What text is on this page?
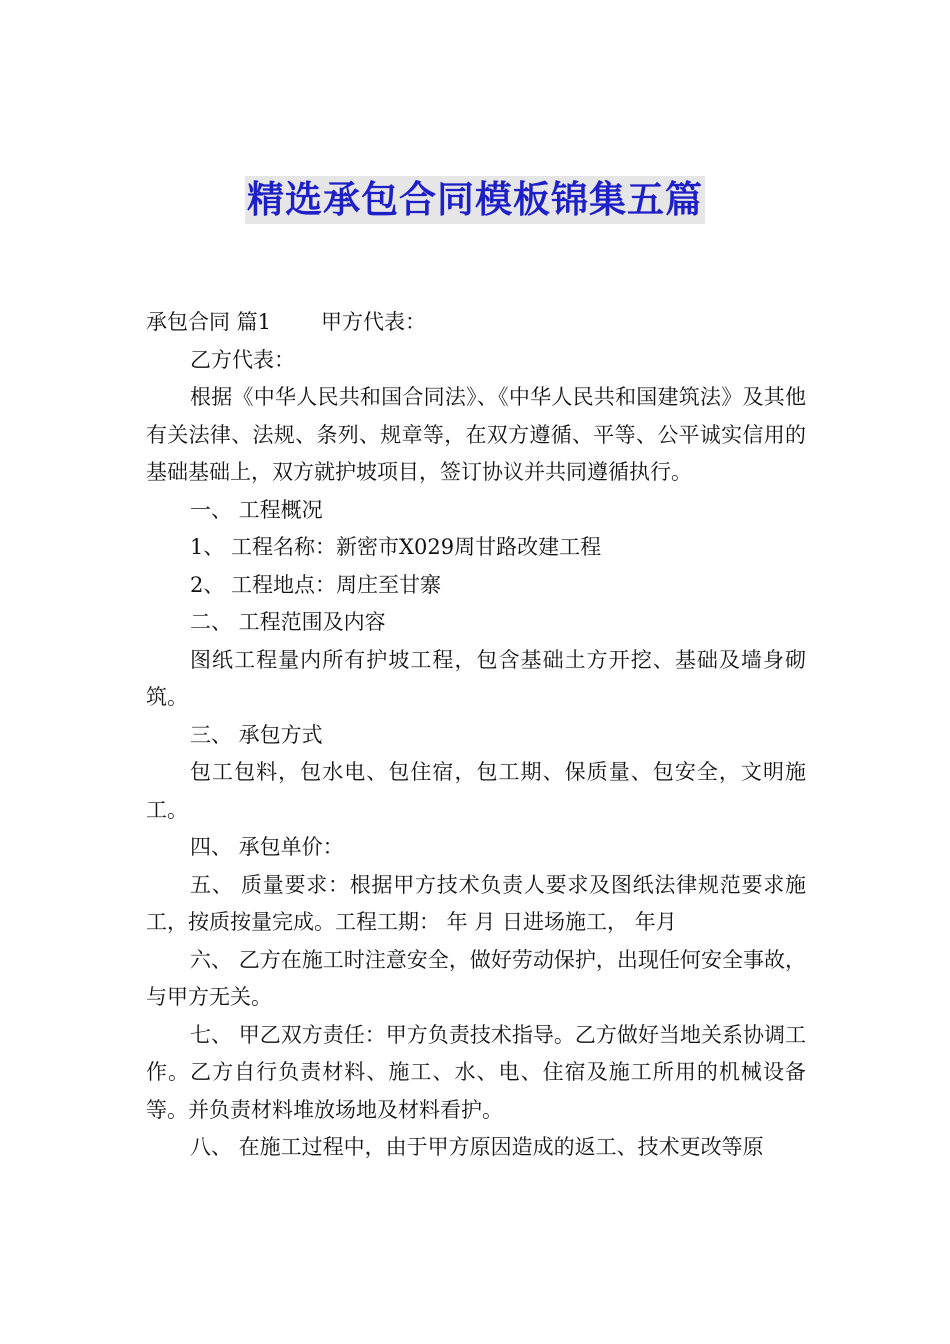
精选承包合同模板锦集五篇

承包合同 篇1 甲方代表：

乙方代表：

根据《中华人民共和国合同法》、《中华人民共和国建筑法》及其他有关法律、法规、条列、规章等，在双方遵循、平等、公平诚实信用的基础基础上，双方就护坡项目，签订协议并共同遵循执行。

一、 工程概况

1、 工程名称：新密市X029周甘路改建工程

2、 工程地点：周庄至甘寨

二、 工程范围及内容

图纸工程量内所有护坡工程，包含基础土方开挖、基础及墙身砌筑。

三、 承包方式

包工包料，包水电、包住宿，包工期、保质量、包安全，文明施工。

四、 承包单价：

五、 质量要求：根据甲方技术负责人要求及图纸法律规范要求施工，按质按量完成。工程工期： 年 月 日进场施工， 年月

六、 乙方在施工时注意安全，做好劳动保护，出现任何安全事故，与甲方无关。

七、 甲乙双方责任：甲方负责技术指导。乙方做好当地关系协调工作。乙方自行负责材料、施工、水、电、住宿及施工所用的机械设备等。并负责材料堆放场地及材料看护。

八、 在施工过程中，由于甲方原因造成的返工、技术更改等原
